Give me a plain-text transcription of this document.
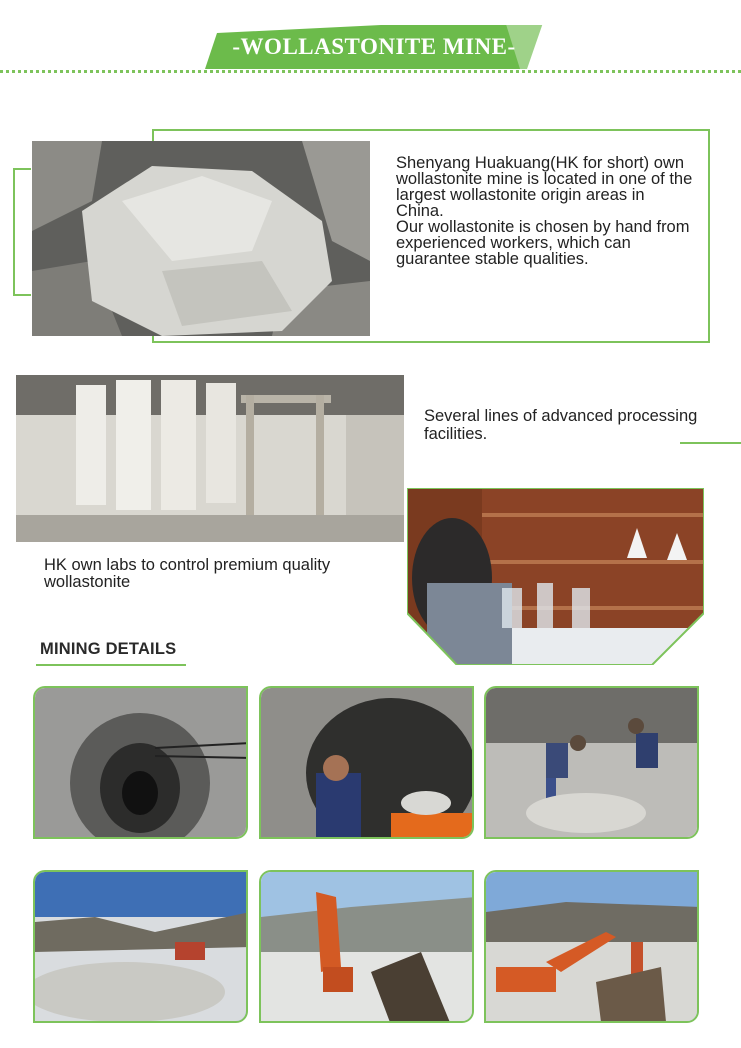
-WOLLASTONITE MINE-
Shenyang Huakuang(HK for short) own wollastonite mine is located in one of the largest wollastonite origin areas in China.
Our wollastonite is chosen by hand from experienced workers, which can guarantee stable qualities.
Several lines of advanced processing facilities.
HK own labs to control premium quality wollastonite
MINING DETAILS
